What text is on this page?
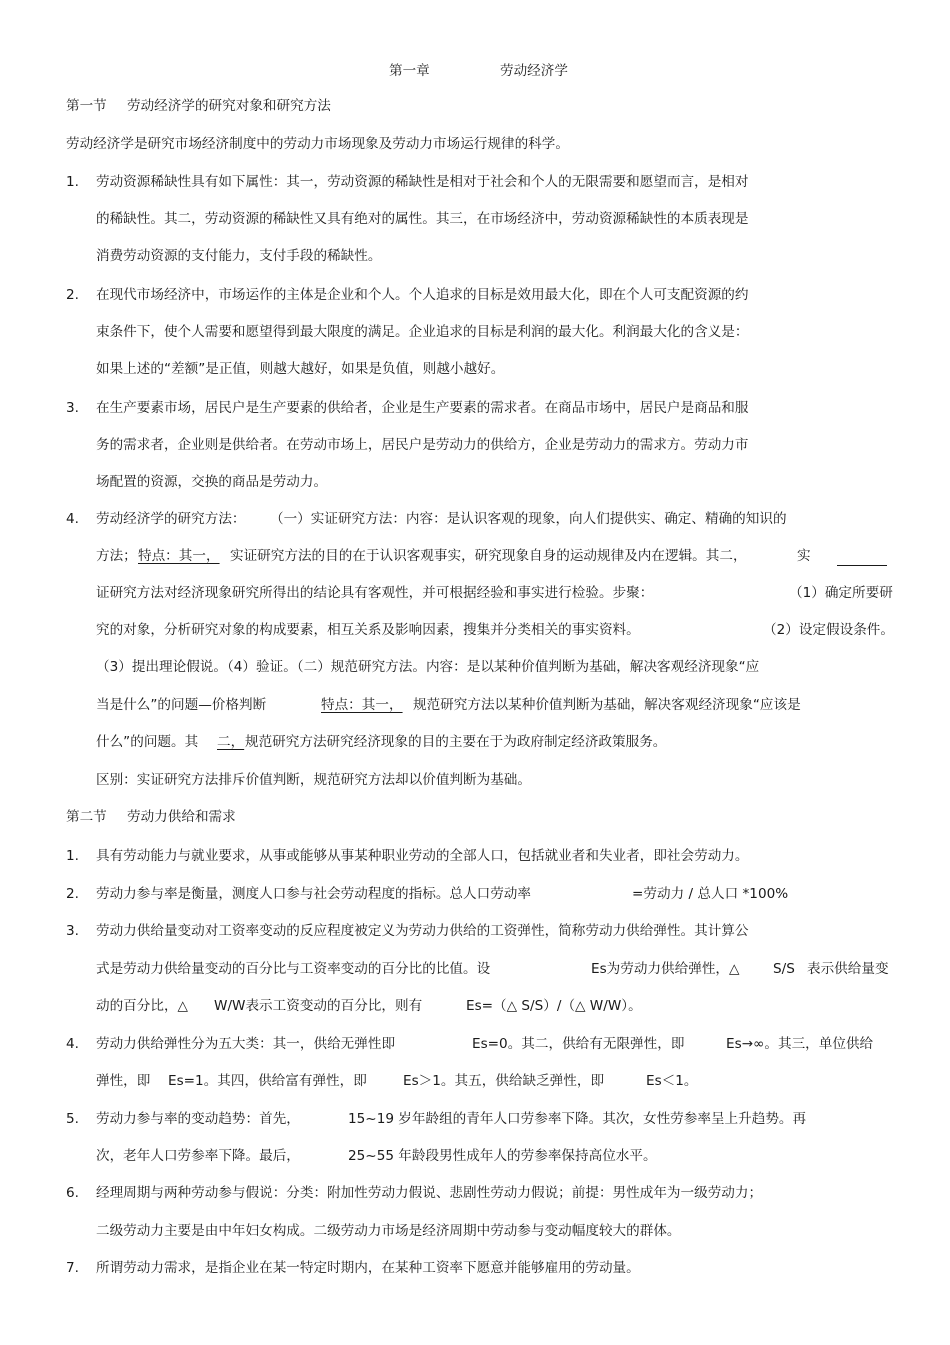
第一章	劳动经济学
第一节 劳动经济学的研究对象和研究方法
劳动经济学是研究市场经济制度中的劳动力市场现象及劳动力市场运行规律的科学。
1. 劳动资源稀缺性具有如下属性：其一，劳动资源的稀缺性是相对于社会和个人的无限需要和愿望而言，是相对
的稀缺性。其二，劳动资源的稀缺性又具有绝对的属性。其三，在市场经济中，劳动资源稀缺性的本质表现是
消费劳动资源的支付能力，支付手段的稀缺性。
2. 在现代市场经济中，市场运作的主体是企业和个人。个人追求的目标是效用最大化，即在个人可支配资源的约
束条件下，使个人需要和愿望得到最大限度的满足。企业追求的目标是利润的最大化。利润最大化的含义是：
如果上述的“差额”是正值，则越大越好，如果是负值，则越小越好。
3. 在生产要素市场，居民户是生产要素的供给者，企业是生产要素的需求者。在商品市场中，居民户是商品和服
务的需求者，企业则是供给者。在劳动市场上，居民户是劳动力的供给方，企业是劳动力的需求方。劳动力市
场配置的资源，交换的商品是劳动力。
4. 劳动经济学的研究方法： （一）实证研究方法：内容：是认识客观的现象，向人们提供实、确定、精确的知识的
方法； 特点：其一， 实证研究方法的目的在于认识客观事实，研究现象自身的运动规律及内在逻辑。其二，	实
证研究方法对经济现象研究所得出的结论具有客观性，并可根据经验和事实进行检验。步聚：	（1）确定所要研
究的对象，分析研究对象的构成要素，相互关系及影响因素，搜集并分类相关的事实资料。	（2）设定假设条件。
（3）提出理论假说。（4）验证。（二）规范研究方法。内容：是以某种价值判断为基础，解决客观经济现象“应
当是什么”的问题—价格判断	特点：其一， 规范研究方法以某种价值判断为基础，解决客观经济现象“应该是
什么”的问题。其 二， 规范研究方法研究经济现象的目的主要在于为政府制定经济政策服务。
区别：实证研究方法排斥价值判断，规范研究方法却以价值判断为基础。
第二节 劳动力供给和需求
1. 具有劳动能力与就业要求，从事或能够从事某种职业劳动的全部人口，包括就业者和失业者，即社会劳动力。
2. 劳动力参与率是衡量，测度人口参与社会劳动程度的指标。总人口劳动率	=劳动力 / 总人口 *100%
3. 劳动力供给量变动对工资率变动的反应程度被定义为劳动力供给的工资弹性，简称劳动力供给弹性。其计算公
式是劳动力供给量变动的百分比与工资率变动的百分比的比值。设	Es为劳动力供给弹性，△ S/S 表示供给量变
动的百分比，△ W/W表示工资变动的百分比，则有	Es=（△ S/S）/（△ W/W）。
4. 劳动力供给弹性分为五大类：其一，供给无弹性即	Es=0。其二，供给有无限弹性，即	Es→∞。其三，单位供给
弹性，即 Es=1。其四，供给富有弹性，即	Es＞1。其五，供给缺乏弹性，即	Es＜1。
5. 劳动力参与率的变动趋势：首先，	15~19 岁年龄组的青年人口劳参率下降。其次，女性劳参率呈上升趋势。再
次，老年人口劳参率下降。最后，	25~55 年龄段男性成年人的劳参率保持高位水平。
6. 经理周期与两种劳动参与假说：分类：附加性劳动力假说、悲剧性劳动力假说；前提：男性成年为一级劳动力；
二级劳动力主要是由中年妇女构成。二级劳动力市场是经济周期中劳动参与变动幅度较大的群体。
7. 所谓劳动力需求，是指企业在某一特定时期内，在某种工资率下愿意并能够雇用的劳动量。
